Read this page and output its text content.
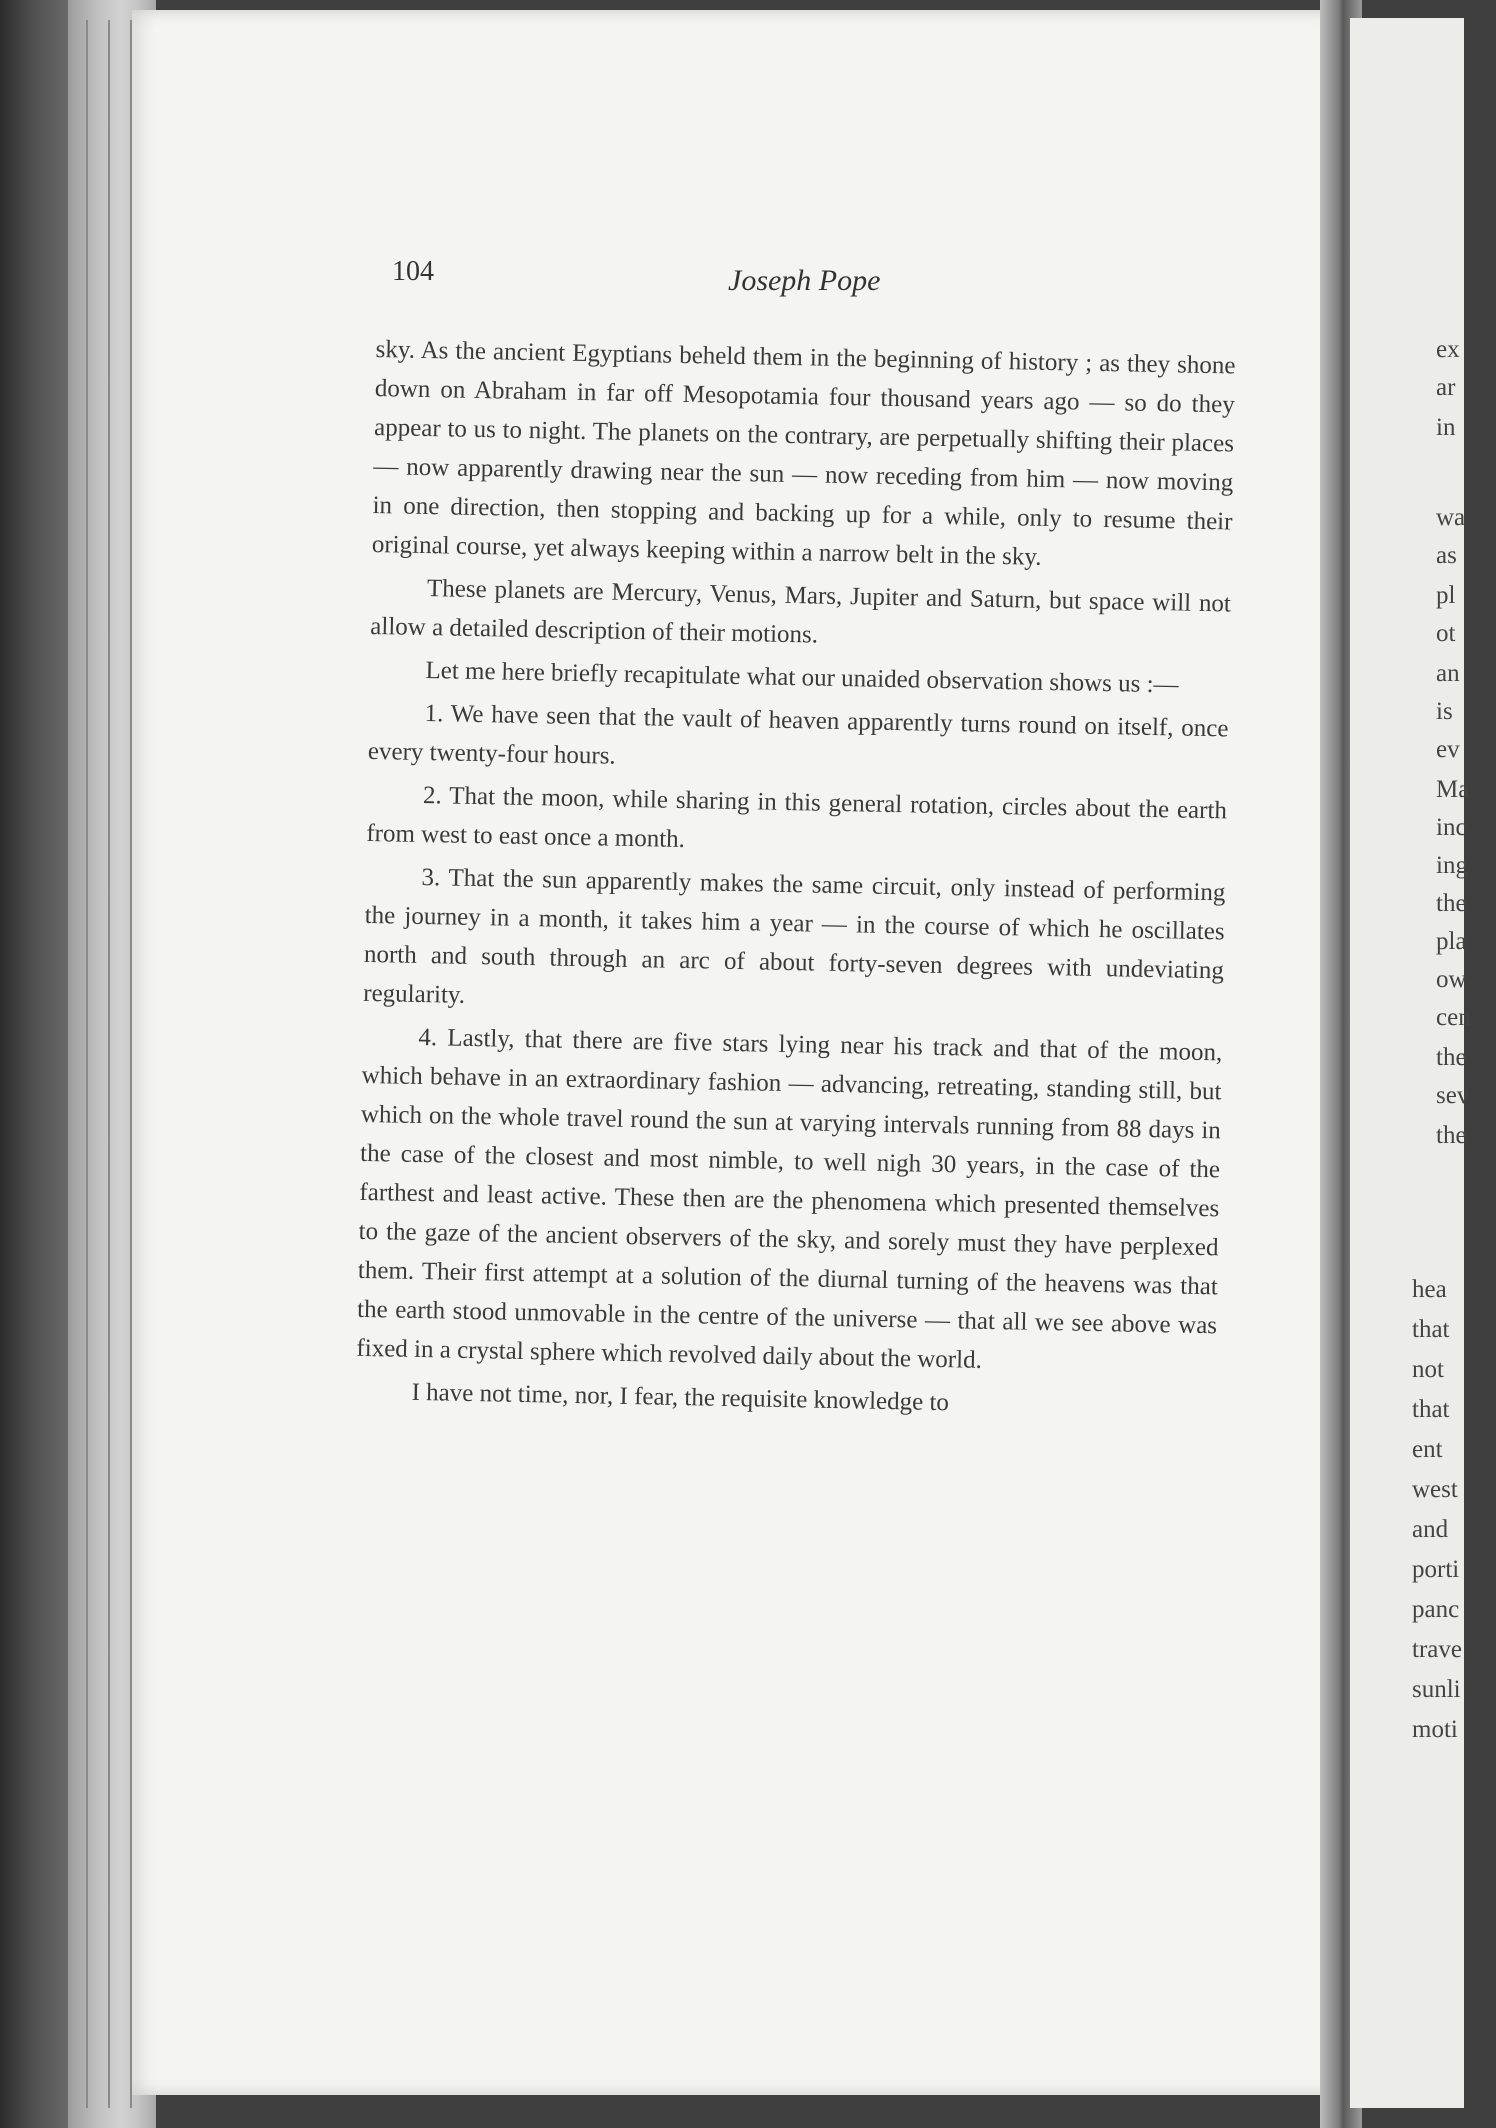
104	Joseph Pope

sky. As the ancient Egyptians beheld them in the beginning of history ; as they shone down on Abraham in far off Mesopotamia four thousand years ago — so do they appear to us to night. The planets on the contrary, are perpetually shifting their places — now apparently drawing near the sun — now receding from him — now moving in one direction, then stopping and backing up for a while, only to resume their original course, yet always keeping within a narrow belt in the sky.

These planets are Mercury, Venus, Mars, Jupiter and Saturn, but space will not allow a detailed description of their motions.

Let me here briefly recapitulate what our unaided observation shows us :—

1. We have seen that the vault of heaven apparently turns round on itself, once every twenty-four hours.

2. That the moon, while sharing in this general rotation, circles about the earth from west to east once a month.

3. That the sun apparently makes the same circuit, only instead of performing the journey in a month, it takes him a year — in the course of which he oscillates north and south through an arc of about forty-seven degrees with undeviating regularity.

4. Lastly, that there are five stars lying near his track and that of the moon, which behave in an extraordinary fashion — advancing, retreating, standing still, but which on the whole travel round the sun at varying intervals running from 88 days in the case of the closest and most nimble, to well nigh 30 years, in the case of the farthest and least active. These then are the phenomena which presented themselves to the gaze of the ancient observers of the sky, and sorely must they have perplexed them. Their first attempt at a solution of the diurnal turning of the heavens was that the earth stood unmovable in the centre of the universe — that all we see above was fixed in a crystal sphere which revolved daily about the world.

I have not time, nor, I fear, the requisite knowledge to

ex
ar
in
wa
as
pl
ot
an
is
ev
Ma
inc
ing
the
pla
ow
cen
the
sev
the
hea
that
not
that
ent
west
and
porti
panc
trave
sunli
moti
